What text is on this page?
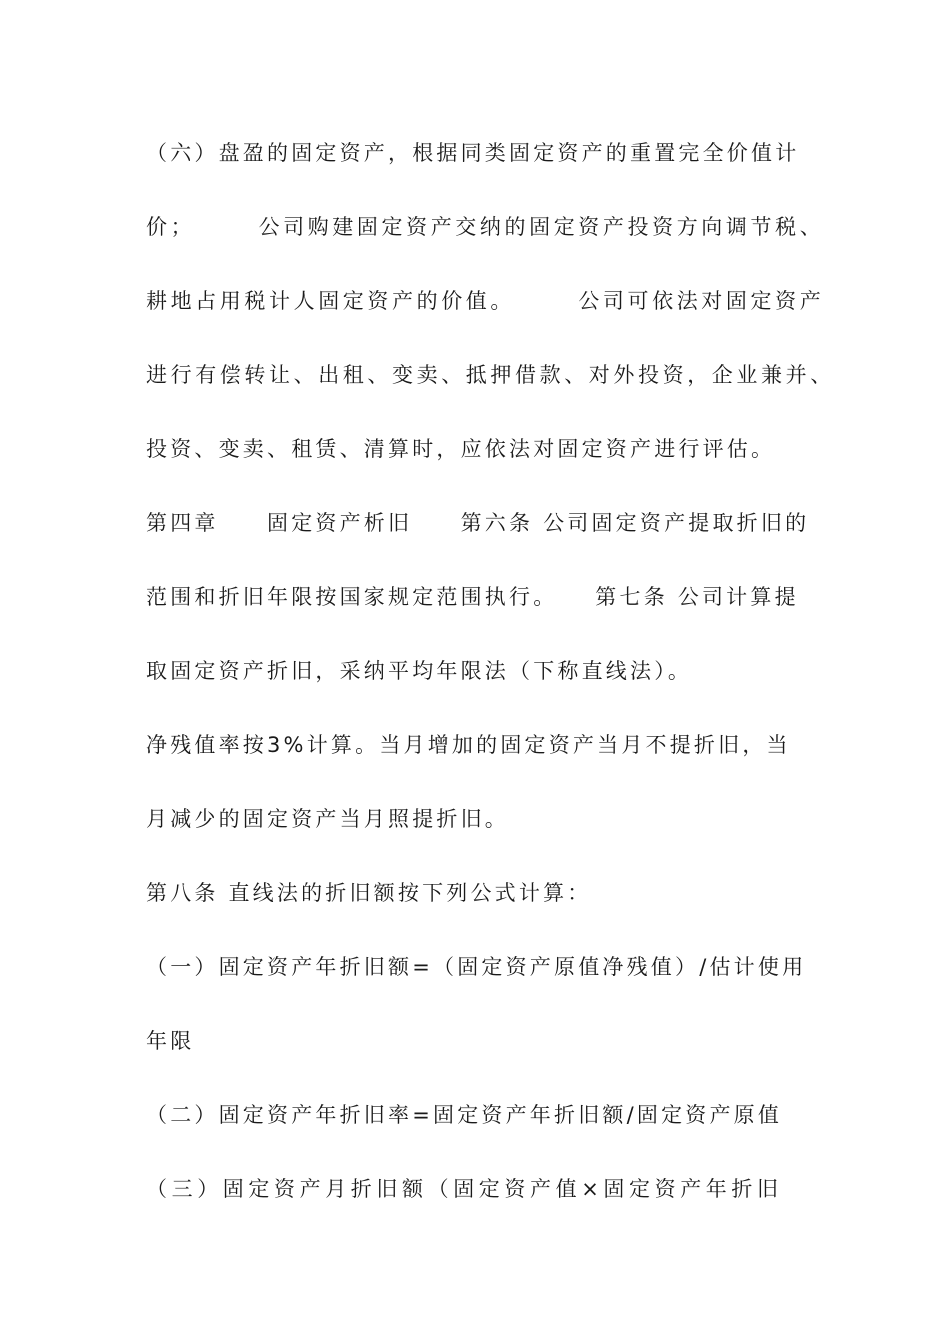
（六）盘盈的固定资产，根据同类固定资产的重置完全价值计
价；　　　公司购建固定资产交纳的固定资产投资方向调节税、
耕地占用税计人固定资产的价值。　　　公司可依法对固定资产
进行有偿转让、出租、变卖、抵押借款、对外投资，企业兼并、
投资、变卖、租赁、清算时，应依法对固定资产进行评估。
第四章　　固定资产析旧　　第六条 公司固定资产提取折旧的
范围和折旧年限按国家规定范围执行。　　第七条 公司计算提
取固定资产折旧，采纳平均年限法（下称直线法）。
净残值率按3%计算。当月增加的固定资产当月不提折旧，当
月减少的固定资产当月照提折旧。
第八条 直线法的折旧额按下列公式计算：
（一）固定资产年折旧额=（固定资产原值净残值）/估计使用
年限
（二）固定资产年折旧率=固定资产年折旧额/固定资产原值
（三）固定资产月折旧额（固定资产值×固定资产年折旧
